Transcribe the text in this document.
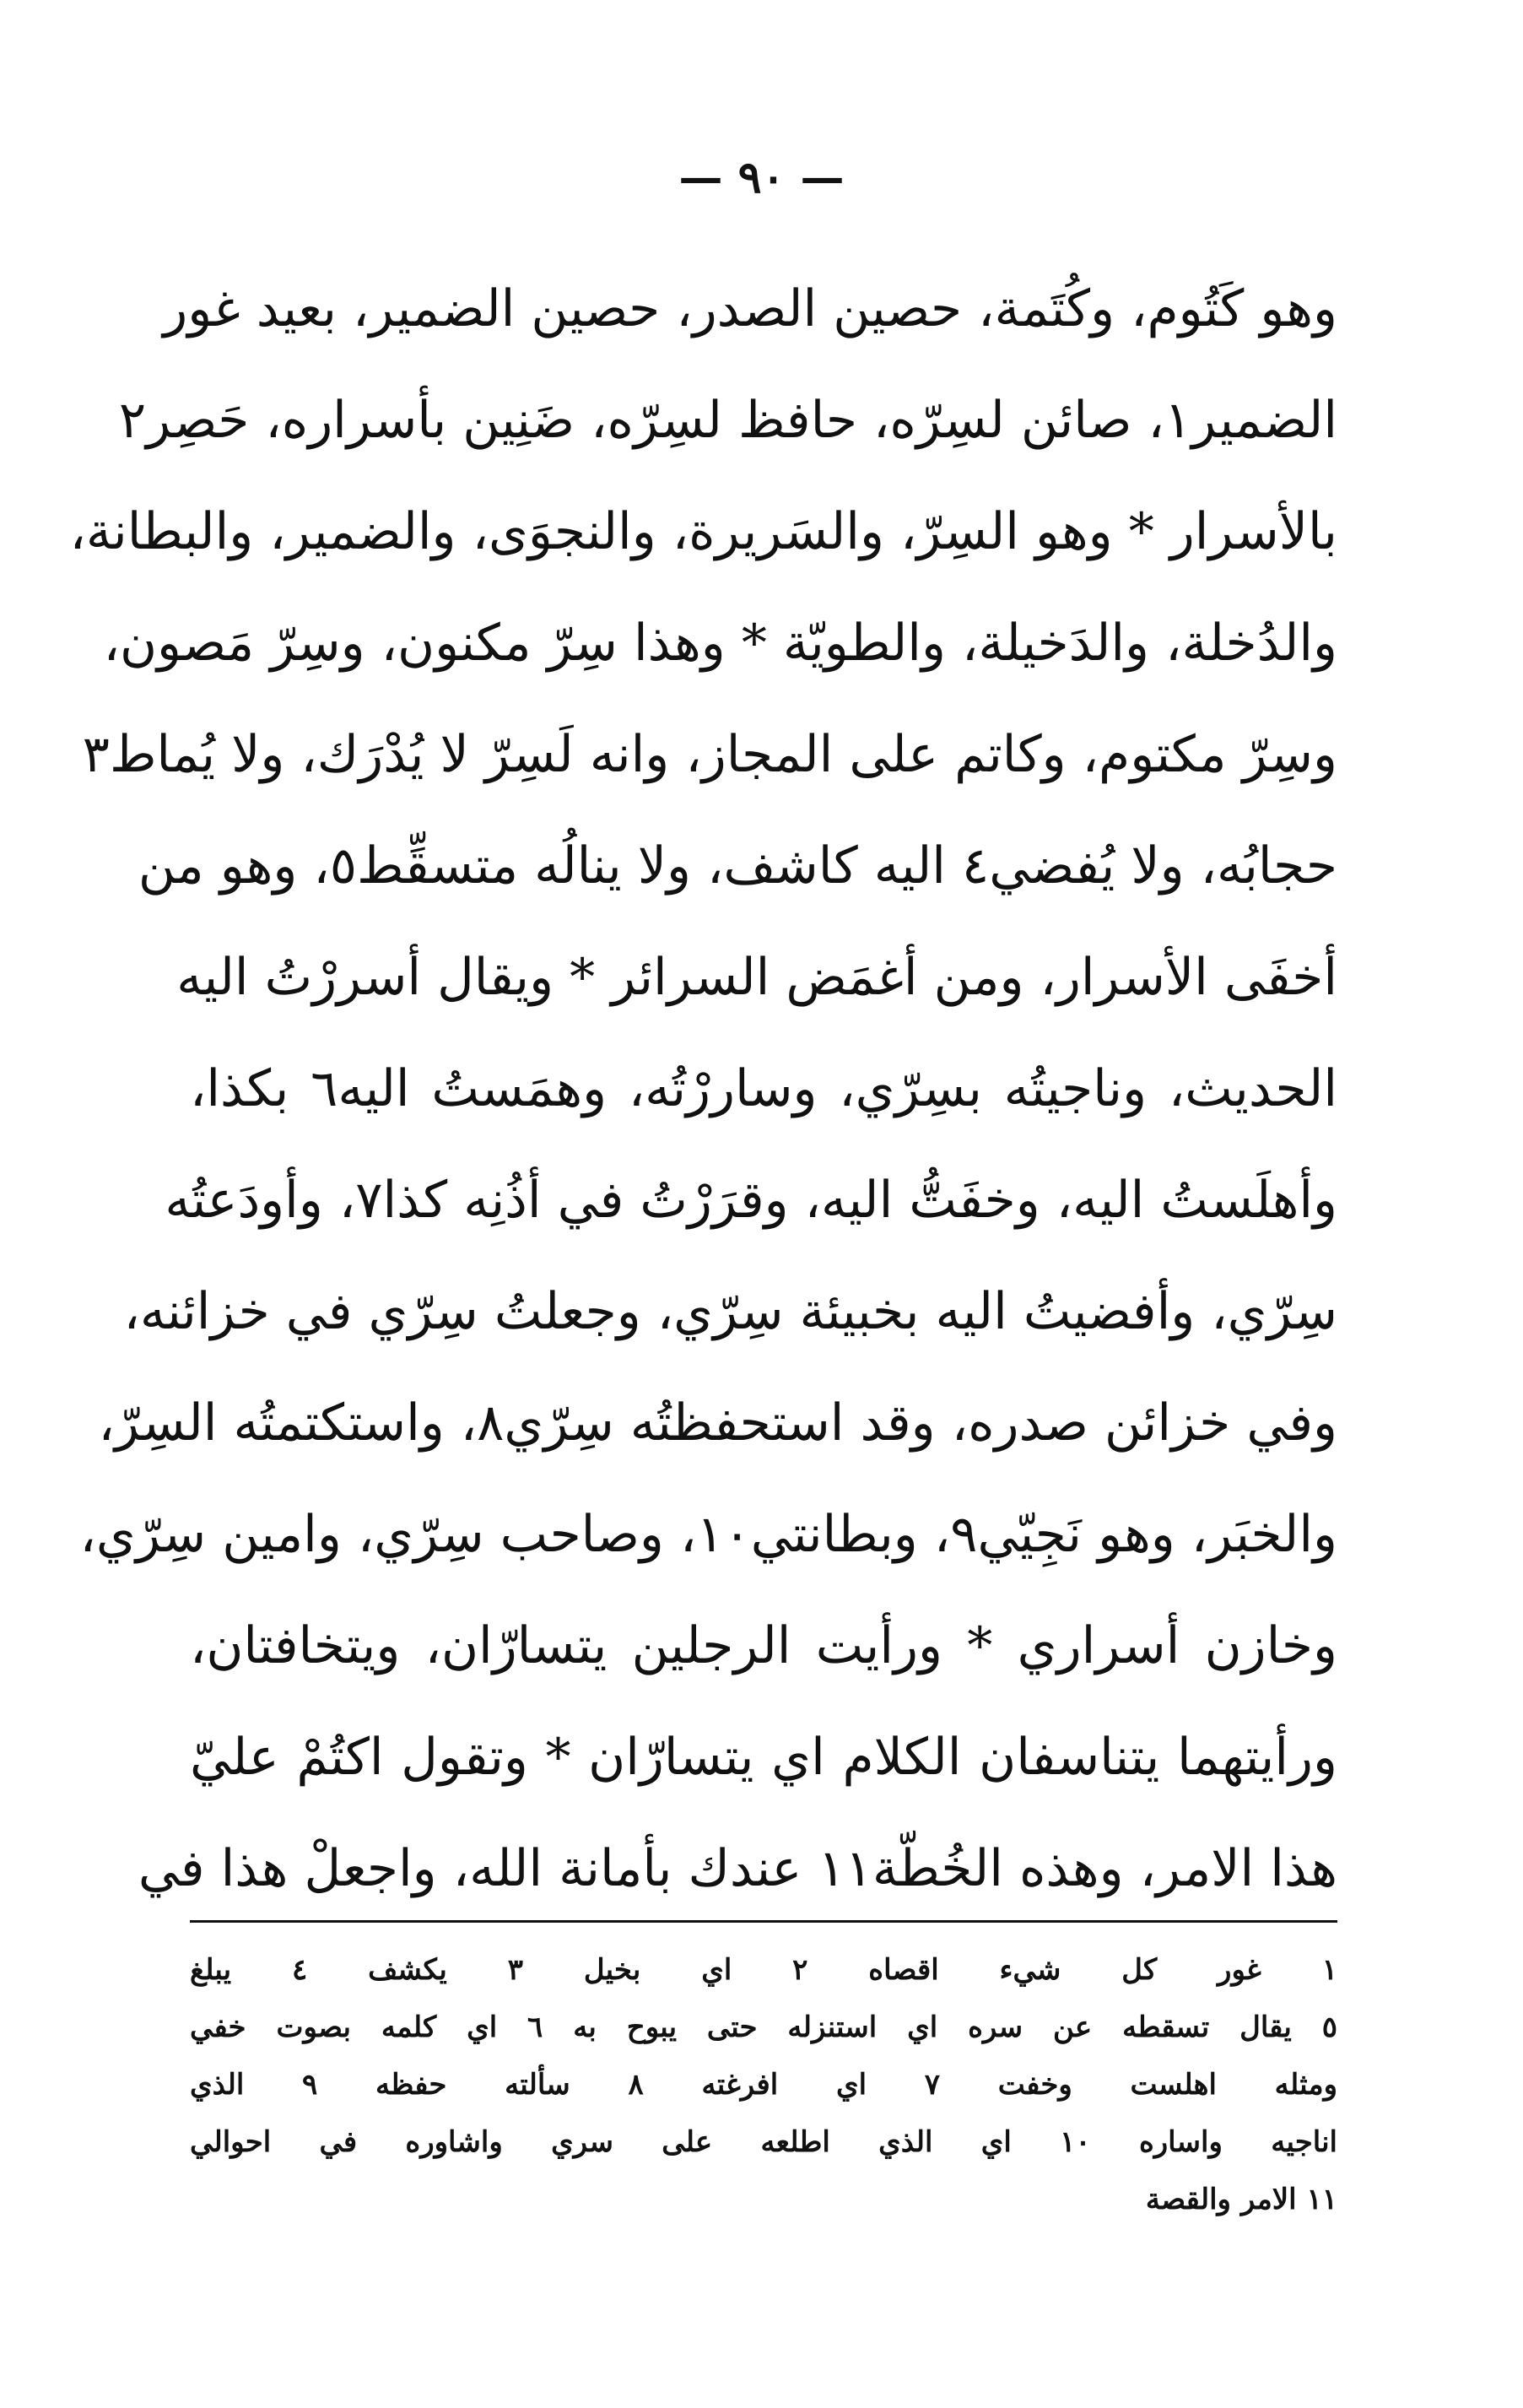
— ٩٠ —
وهو كَتُوم، وكُتَمة، حصين الصدر، حصين الضمير، بعيد غور
الضمير١، صائن لسِرّه، حافظ لسِرّه، ضَنِين بأسراره، حَصِر٢
بالأسرار * وهو السِرّ، والسَريرة، والنجوَى، والضمير، والبطانة،
والدُخلة، والدَخيلة، والطويّة * وهذا سِرّ مكنون، وسِرّ مَصون،
وسِرّ مكتوم، وكاتم على المجاز، وانه لَسِرّ لا يُدْرَك، ولا يُماط٣
حجابُه، ولا يُفضي٤ اليه كاشف، ولا ينالُه متسقِّط٥، وهو من
أخفَى الأسرار، ومن أغمَض السرائر * ويقال أسررْتُ اليه
الحديث، وناجيتُه بسِرّي، وساررْتُه، وهمَستُ اليه٦ بكذا،
وأهلَستُ اليه، وخفَتُّ اليه، وقرَرْتُ في أذُنِه كذا٧، وأودَعتُه
سِرّي، وأفضيتُ اليه بخبيئة سِرّي، وجعلتُ سِرّي في خزائنه،
وفي خزائن صدره، وقد استحفظتُه سِرّي٨، واستكتمتُه السِرّ،
والخبَر، وهو نَجِيّي٩، وبطانتي١٠، وصاحب سِرّي، وامين سِرّي،
وخازن أسراري * ورأيت الرجلين يتسارّان، ويتخافتان،
ورأيتهما يتناسفان الكلام اي يتسارّان * وتقول اكتُمْ عليّ
هذا الامر، وهذه الخُطّة١١ عندك بأمانة الله، واجعلْ هذا في
١ غور كل شيء اقصاه ٢ اي بخيل ٣ يكشف ٤ يبلغ
٥ يقال تسقطه عن سره اي استنزله حتى يبوح به ٦ اي كلمه بصوت خفي
ومثله اهلست وخفت ٧ اي افرغته ٨ سألته حفظه ٩ الذي
اناجيه واساره ١٠ اي الذي اطلعه على سري واشاوره في احوالي
١١ الامر والقصة
